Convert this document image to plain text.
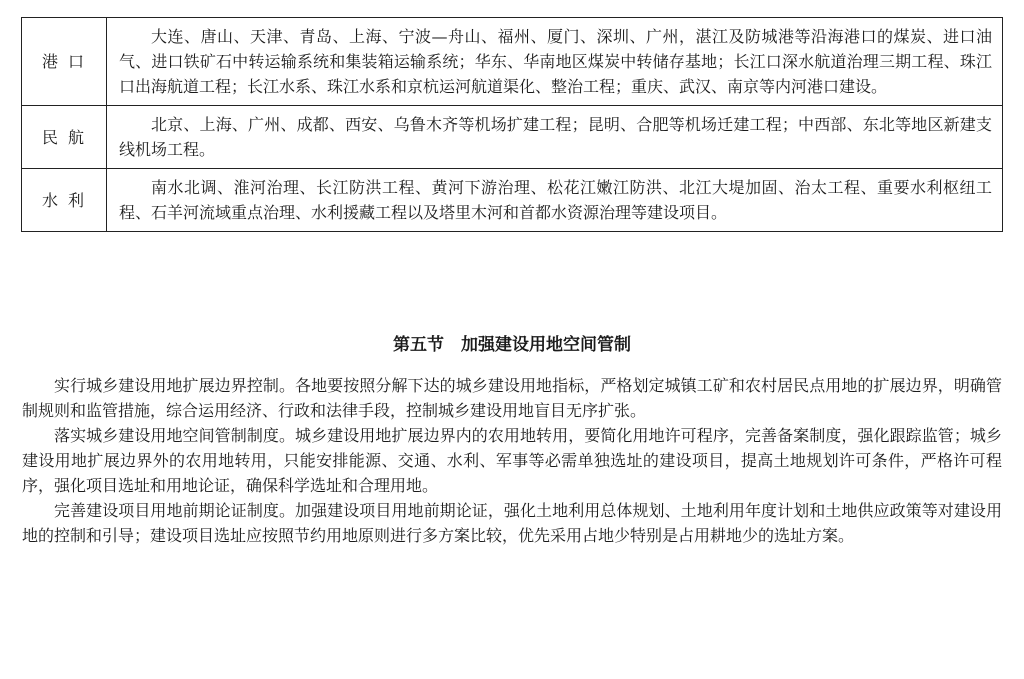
港口	大连、唐山、天津、青岛、上海、宁波—舟山、福州、厦门、深圳、广州，湛江及防城港等沿海港口的煤炭、进口油气、进口铁矿石中转运输系统和集装箱运输系统；华东、华南地区煤炭中转储存基地；长江口深水航道治理三期工程、珠江口出海航道工程；长江水系、珠江水系和京杭运河航道渠化、整治工程；重庆、武汉、南京等内河港口建设。

民航	北京、上海、广州、成都、西安、乌鲁木齐等机场扩建工程；昆明、合肥等机场迁建工程；中西部、东北等地区新建支线机场工程。

水利	南水北调、淮河治理、长江防洪工程、黄河下游治理、松花江嫩江防洪、北江大堤加固、治太工程、重要水利枢纽工程、石羊河流域重点治理、水利援藏工程以及塔里木河和首都水资源治理等建设项目。
第五节　加强建设用地空间管制

实行城乡建设用地扩展边界控制。各地要按照分解下达的城乡建设用地指标，严格划定城镇工矿和农村居民点用地的扩展边界，明确管制规则和监管措施，综合运用经济、行政和法律手段，控制城乡建设用地盲目无序扩张。

落实城乡建设用地空间管制制度。城乡建设用地扩展边界内的农用地转用，要简化用地许可程序，完善备案制度，强化跟踪监管；城乡建设用地扩展边界外的农用地转用，只能安排能源、交通、水利、军事等必需单独选址的建设项目，提高土地规划许可条件，严格许可程序，强化项目选址和用地论证，确保科学选址和合理用地。

完善建设项目用地前期论证制度。加强建设项目用地前期论证，强化土地利用总体规划、土地利用年度计划和土地供应政策等对建设用地的控制和引导；建设项目选址应按照节约用地原则进行多方案比较，优先采用占地少特别是占用耕地少的选址方案。
